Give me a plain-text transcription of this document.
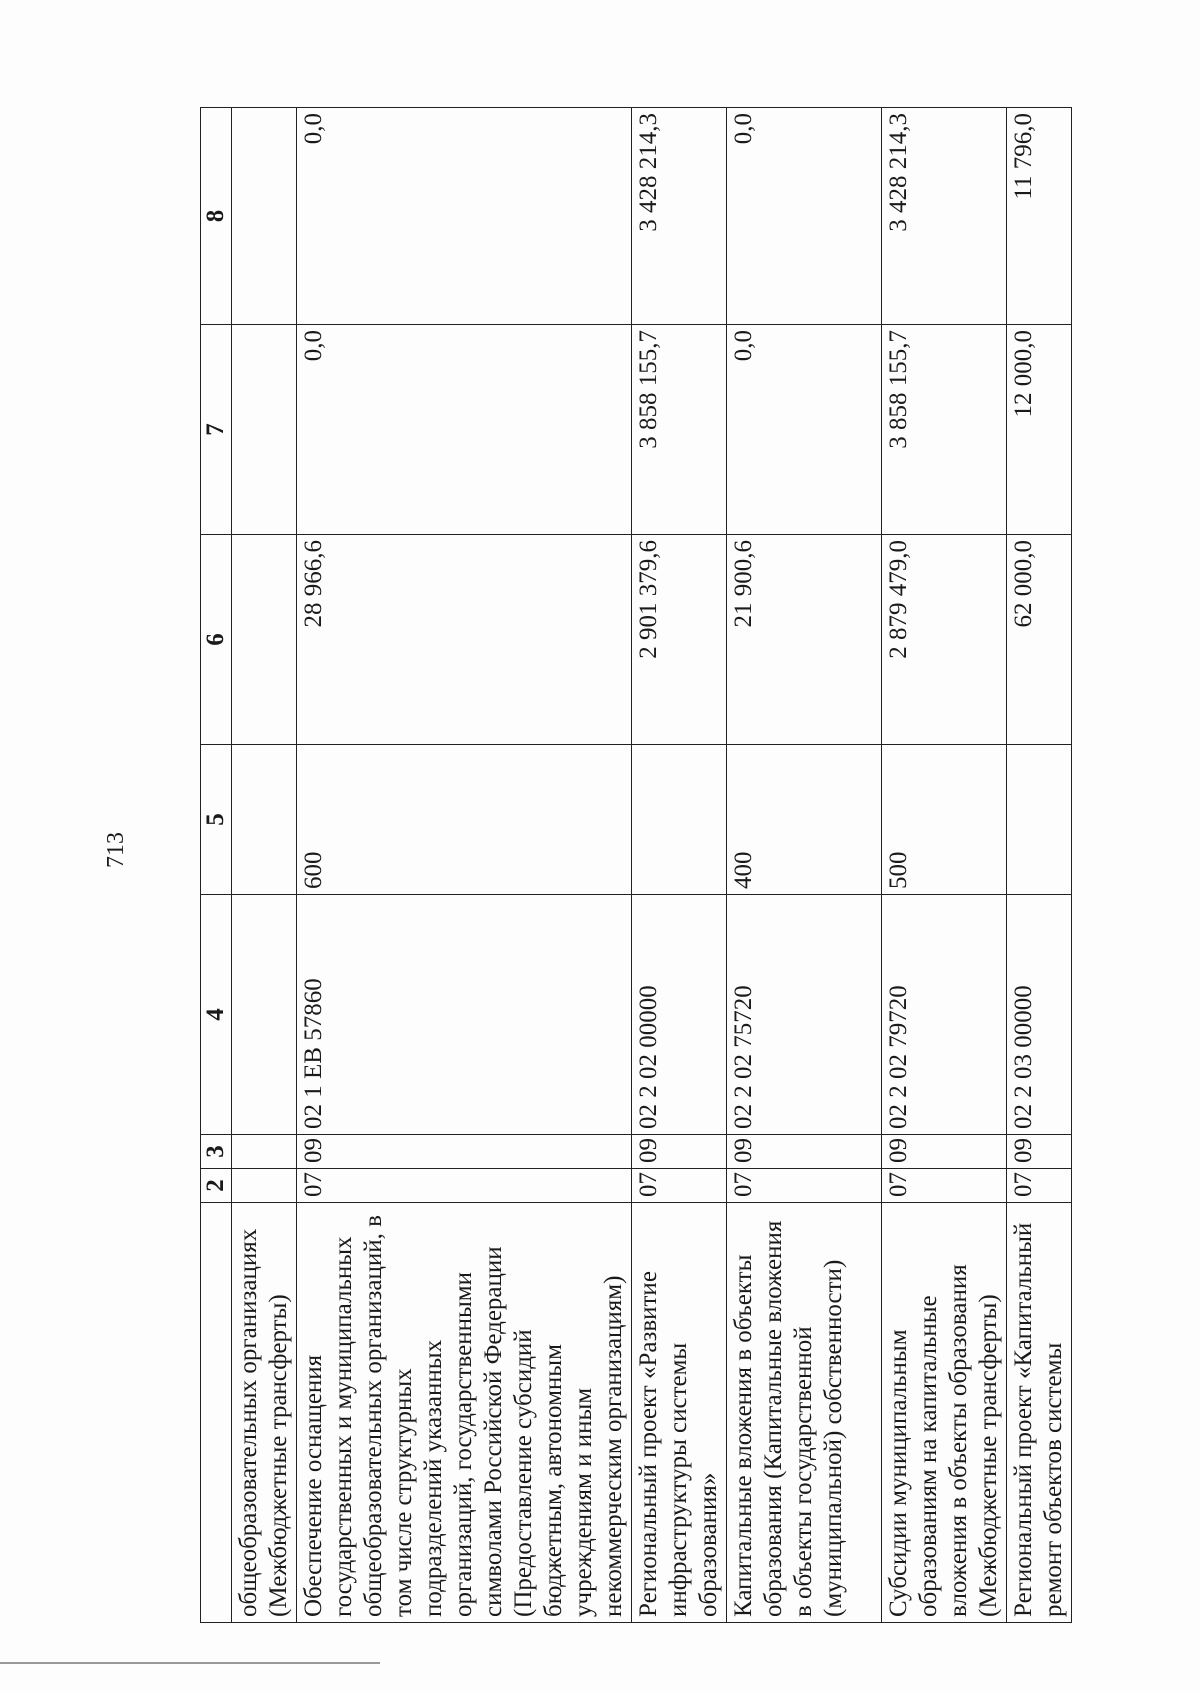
713
	2	3	4	5	6	7	8
общеобразовательных организациях (Межбюджетные трансферты)							
Обеспечение оснащения государственных и муниципальных общеобразовательных организаций, в том числе структурных подразделений указанных организаций, государственными символами Российской Федерации (Предоставление субсидий бюджетным, автономным учреждениям и иным некоммерческим организациям)	07	09	02 1 ЕВ 57860	600	28 966,6	0,0	0,0
Региональный проект «Развитие инфраструктуры системы образования»	07	09	02 2 02 00000		2 901 379,6	3 858 155,7	3 428 214,3
Капитальные вложения в объекты образования (Капитальные вложения в объекты государственной (муниципальной) собственности)	07	09	02 2 02 75720	400	21 900,6	0,0	0,0
Субсидии муниципальным образованиям на капитальные вложения в объекты образования (Межбюджетные трансферты)	07	09	02 2 02 79720	500	2 879 479,0	3 858 155,7	3 428 214,3
Региональный проект «Капитальный ремонт объектов системы	07	09	02 2 03 00000		62 000,0	12 000,0	11 796,0
